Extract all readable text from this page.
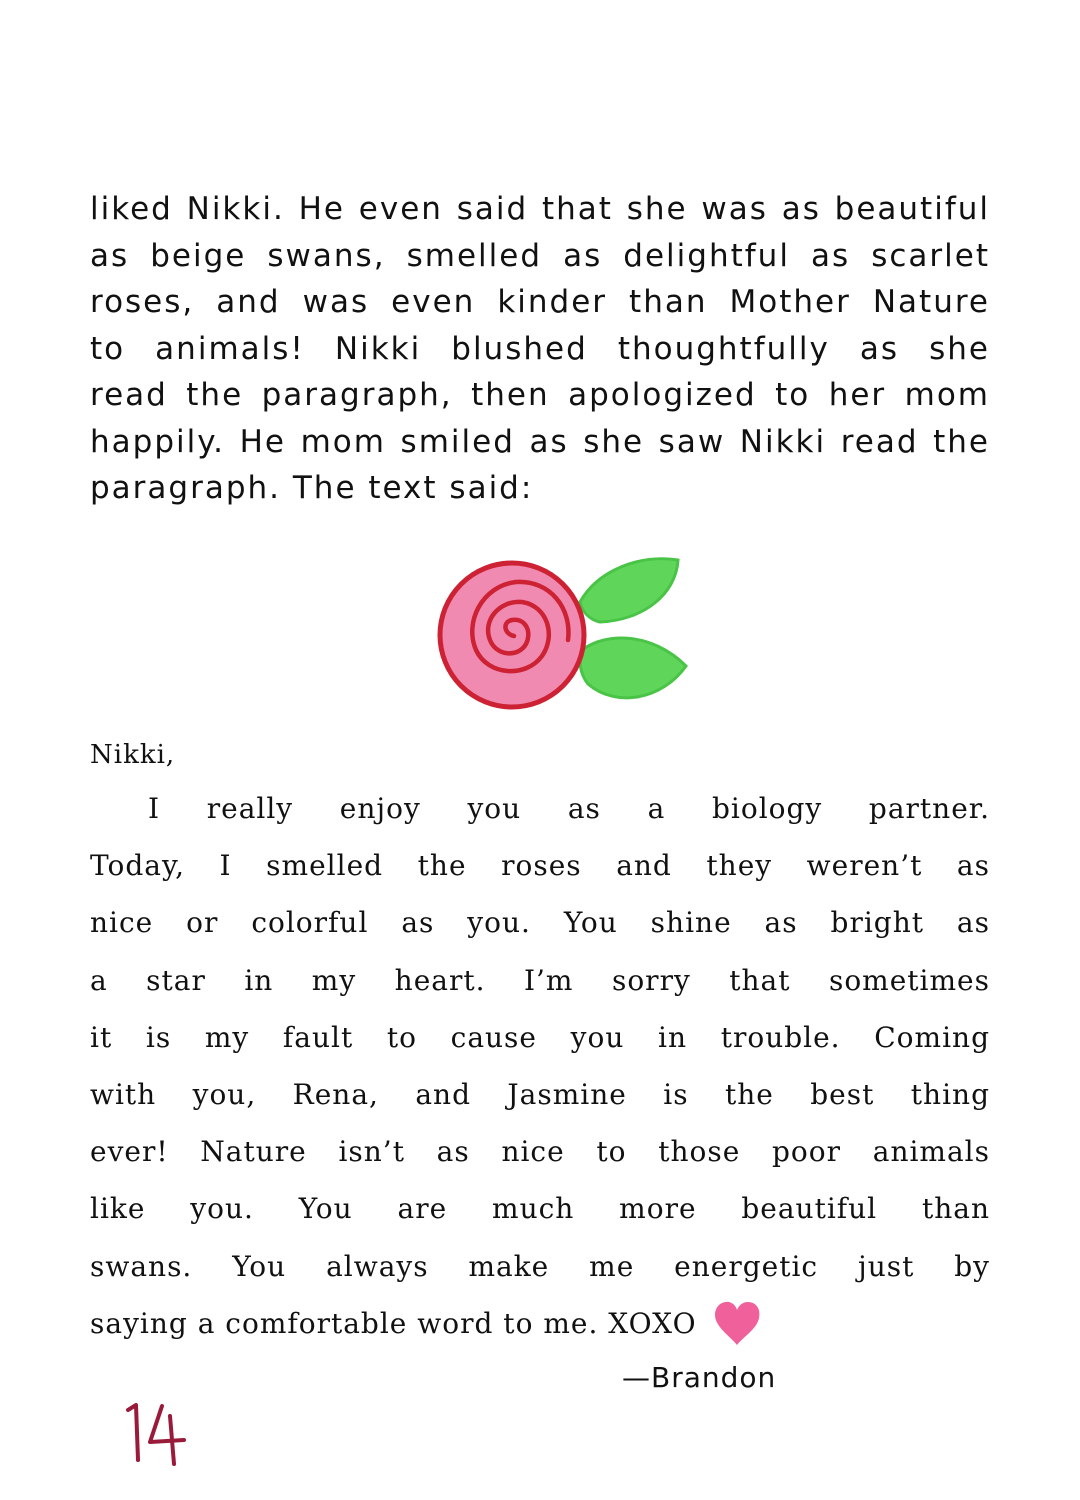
liked Nikki. He even said that she was as beautiful
as beige swans, smelled as delightful as scarlet
roses, and was even kinder than Mother Nature
to animals! Nikki blushed thoughtfully as she
read the paragraph, then apologized to her mom
happily. He mom smiled as she saw Nikki read the
paragraph. The text said:
Nikki,
I really enjoy you as a biology partner.
Today, I smelled the roses and they weren’t as
nice or colorful as you. You shine as bright as
a star in my heart. I’m sorry that sometimes
it is my fault to cause you in trouble. Coming
with you, Rena, and Jasmine is the best thing
ever! Nature isn’t as nice to those poor animals
like you. You are much more beautiful than
swans. You always make me energetic just by
saying a comfortable word to me. XOXO
—Brandon
14
